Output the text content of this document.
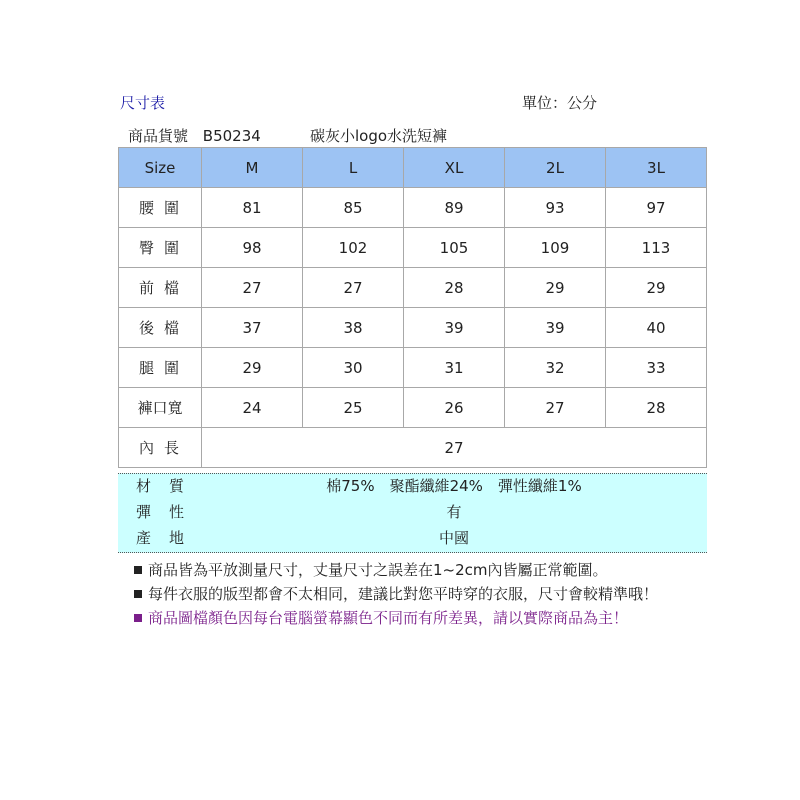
尺寸表	單位：公分
商品貨號 B50234	碳灰小logo水洗短褲
Size	M	L	XL	2L	3L
腰圍	81	85	89	93	97
臀圍	98	102	105	109	113
前檔	27	27	28	29	29
後檔	37	38	39	39	40
腿圍	29	30	31	32	33
褲口寬	24	25	26	27	28
內長	27				
材質	棉75%　聚酯纖維24%　彈性纖維1%
彈性	有
產地	中國
商品皆為平放測量尺寸，丈量尺寸之誤差在1~2cm內皆屬正常範圍。
每件衣服的版型都會不太相同，建議比對您平時穿的衣服，尺寸會較精準哦！
商品圖檔顏色因每台電腦螢幕顯色不同而有所差異，請以實際商品為主！
